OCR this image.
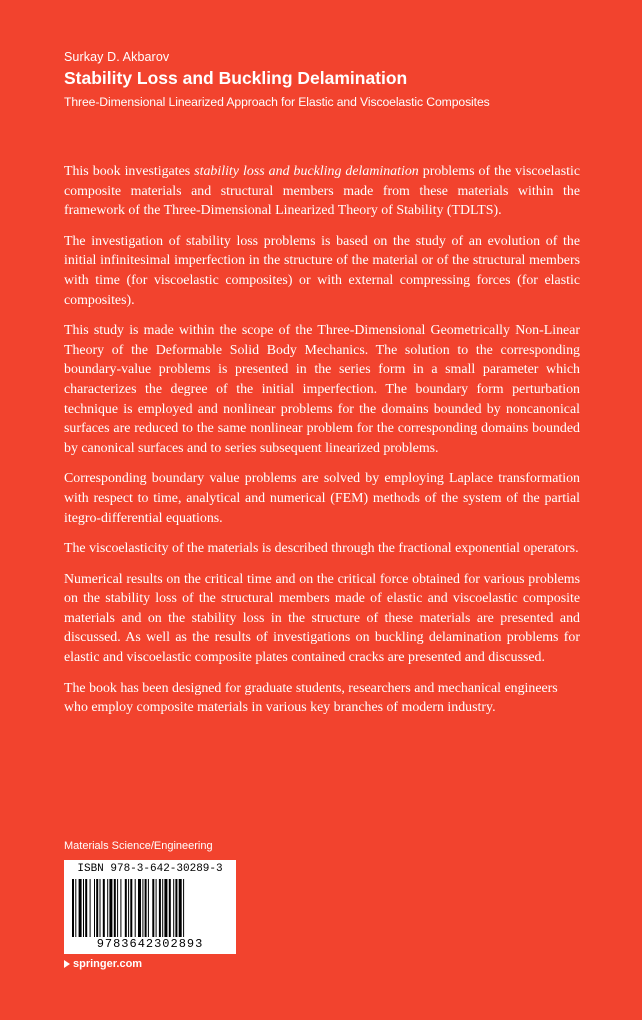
Surkay D. Akbarov
Stability Loss and Buckling Delamination
Three-Dimensional Linearized Approach for Elastic and Viscoelastic Composites

This book investigates stability loss and buckling delamination problems of the viscoelastic composite materials and structural members made from these materials within the framework of the Three-Dimensional Linearized Theory of Stability (TDLTS).

The investigation of stability loss problems is based on the study of an evolution of the initial infinitesimal imperfection in the structure of the material or of the structural members with time (for viscoelastic composites) or with external compressing forces (for elastic composites).

This study is made within the scope of the Three-Dimensional Geometrically Non-Linear Theory of the Deformable Solid Body Mechanics. The solution to the corresponding boundary-value problems is presented in the series form in a small parameter which characterizes the degree of the initial imperfection. The boundary form perturbation technique is employed and nonlinear problems for the domains bounded by noncanonical surfaces are reduced to the same nonlinear problem for the corresponding domains bounded by canonical surfaces and to series subsequent linearized problems.

Corresponding boundary value problems are solved by employing Laplace transformation with respect to time, analytical and numerical (FEM) methods of the system of the partial itegro-differential equations.

The viscoelasticity of the materials is described through the fractional exponential operators.

Numerical results on the critical time and on the critical force obtained for various problems on the stability loss of the structural members made of elastic and viscoelastic composite materials and on the stability loss in the structure of these materials are presented and discussed. As well as the results of investigations on buckling delamination problems for elastic and viscoelastic composite plates contained cracks are presented and discussed.

The book has been designed for graduate students, researchers and mechanical engineers who employ composite materials in various key branches of modern industry.

Materials Science/Engineering
ISBN 978-3-642-30289-3
9783642302893
springer.com
